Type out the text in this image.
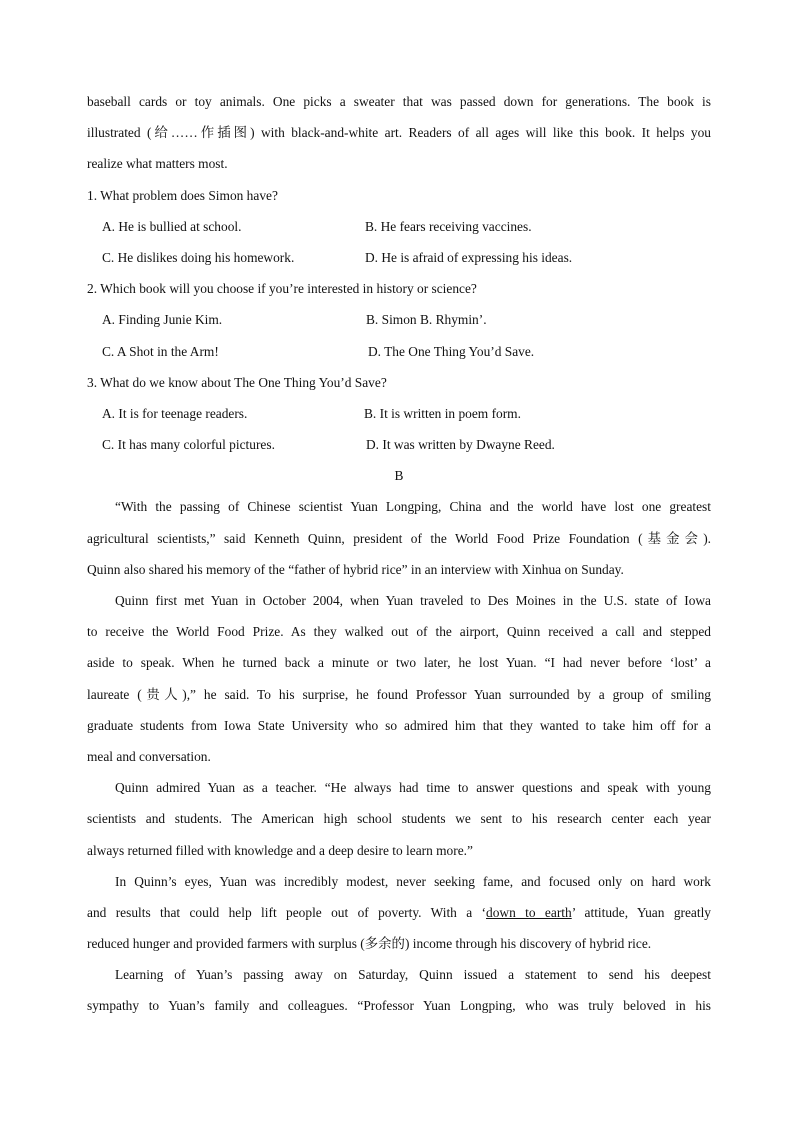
baseball cards or toy animals. One picks a sweater that was passed down for generations. The book is
illustrated (给……作插图) with black-and-white art. Readers of all ages will like this book. It helps you
realize what matters most.
1. What problem does Simon have?
A. He is bullied at school.	B. He fears receiving vaccines.
C. He dislikes doing his homework.	D. He is afraid of expressing his ideas.
2. Which book will you choose if you’re interested in history or science?
A. Finding Junie Kim.	B. Simon B. Rhymin’.
C. A Shot in the Arm!	D. The One Thing You’d Save.
3. What do we know about The One Thing You’d Save?
A. It is for teenage readers.	B. It is written in poem form.
C. It has many colorful pictures.	D. It was written by Dwayne Reed.
B
“With the passing of Chinese scientist Yuan Longping, China and the world have lost one greatest
agricultural scientists,” said Kenneth Quinn, president of the World Food Prize Foundation (基金会).
Quinn also shared his memory of the “father of hybrid rice” in an interview with Xinhua on Sunday.
Quinn first met Yuan in October 2004, when Yuan traveled to Des Moines in the U.S. state of Iowa
to receive the World Food Prize. As they walked out of the airport, Quinn received a call and stepped
aside to speak. When he turned back a minute or two later, he lost Yuan. “I had never before ‘lost’ a
laureate (贵人),” he said. To his surprise, he found Professor Yuan surrounded by a group of smiling
graduate students from Iowa State University who so admired him that they wanted to take him off for a
meal and conversation.
Quinn admired Yuan as a teacher. “He always had time to answer questions and speak with young
scientists and students. The American high school students we sent to his research center each year
always returned filled with knowledge and a deep desire to learn more.”
In Quinn’s eyes, Yuan was incredibly modest, never seeking fame, and focused only on hard work
and results that could help lift people out of poverty. With a ‘down to earth’ attitude, Yuan greatly
reduced hunger and provided farmers with surplus (多余的) income through his discovery of hybrid rice.
Learning of Yuan’s passing away on Saturday, Quinn issued a statement to send his deepest
sympathy to Yuan’s family and colleagues. “Professor Yuan Longping, who was truly beloved in his
